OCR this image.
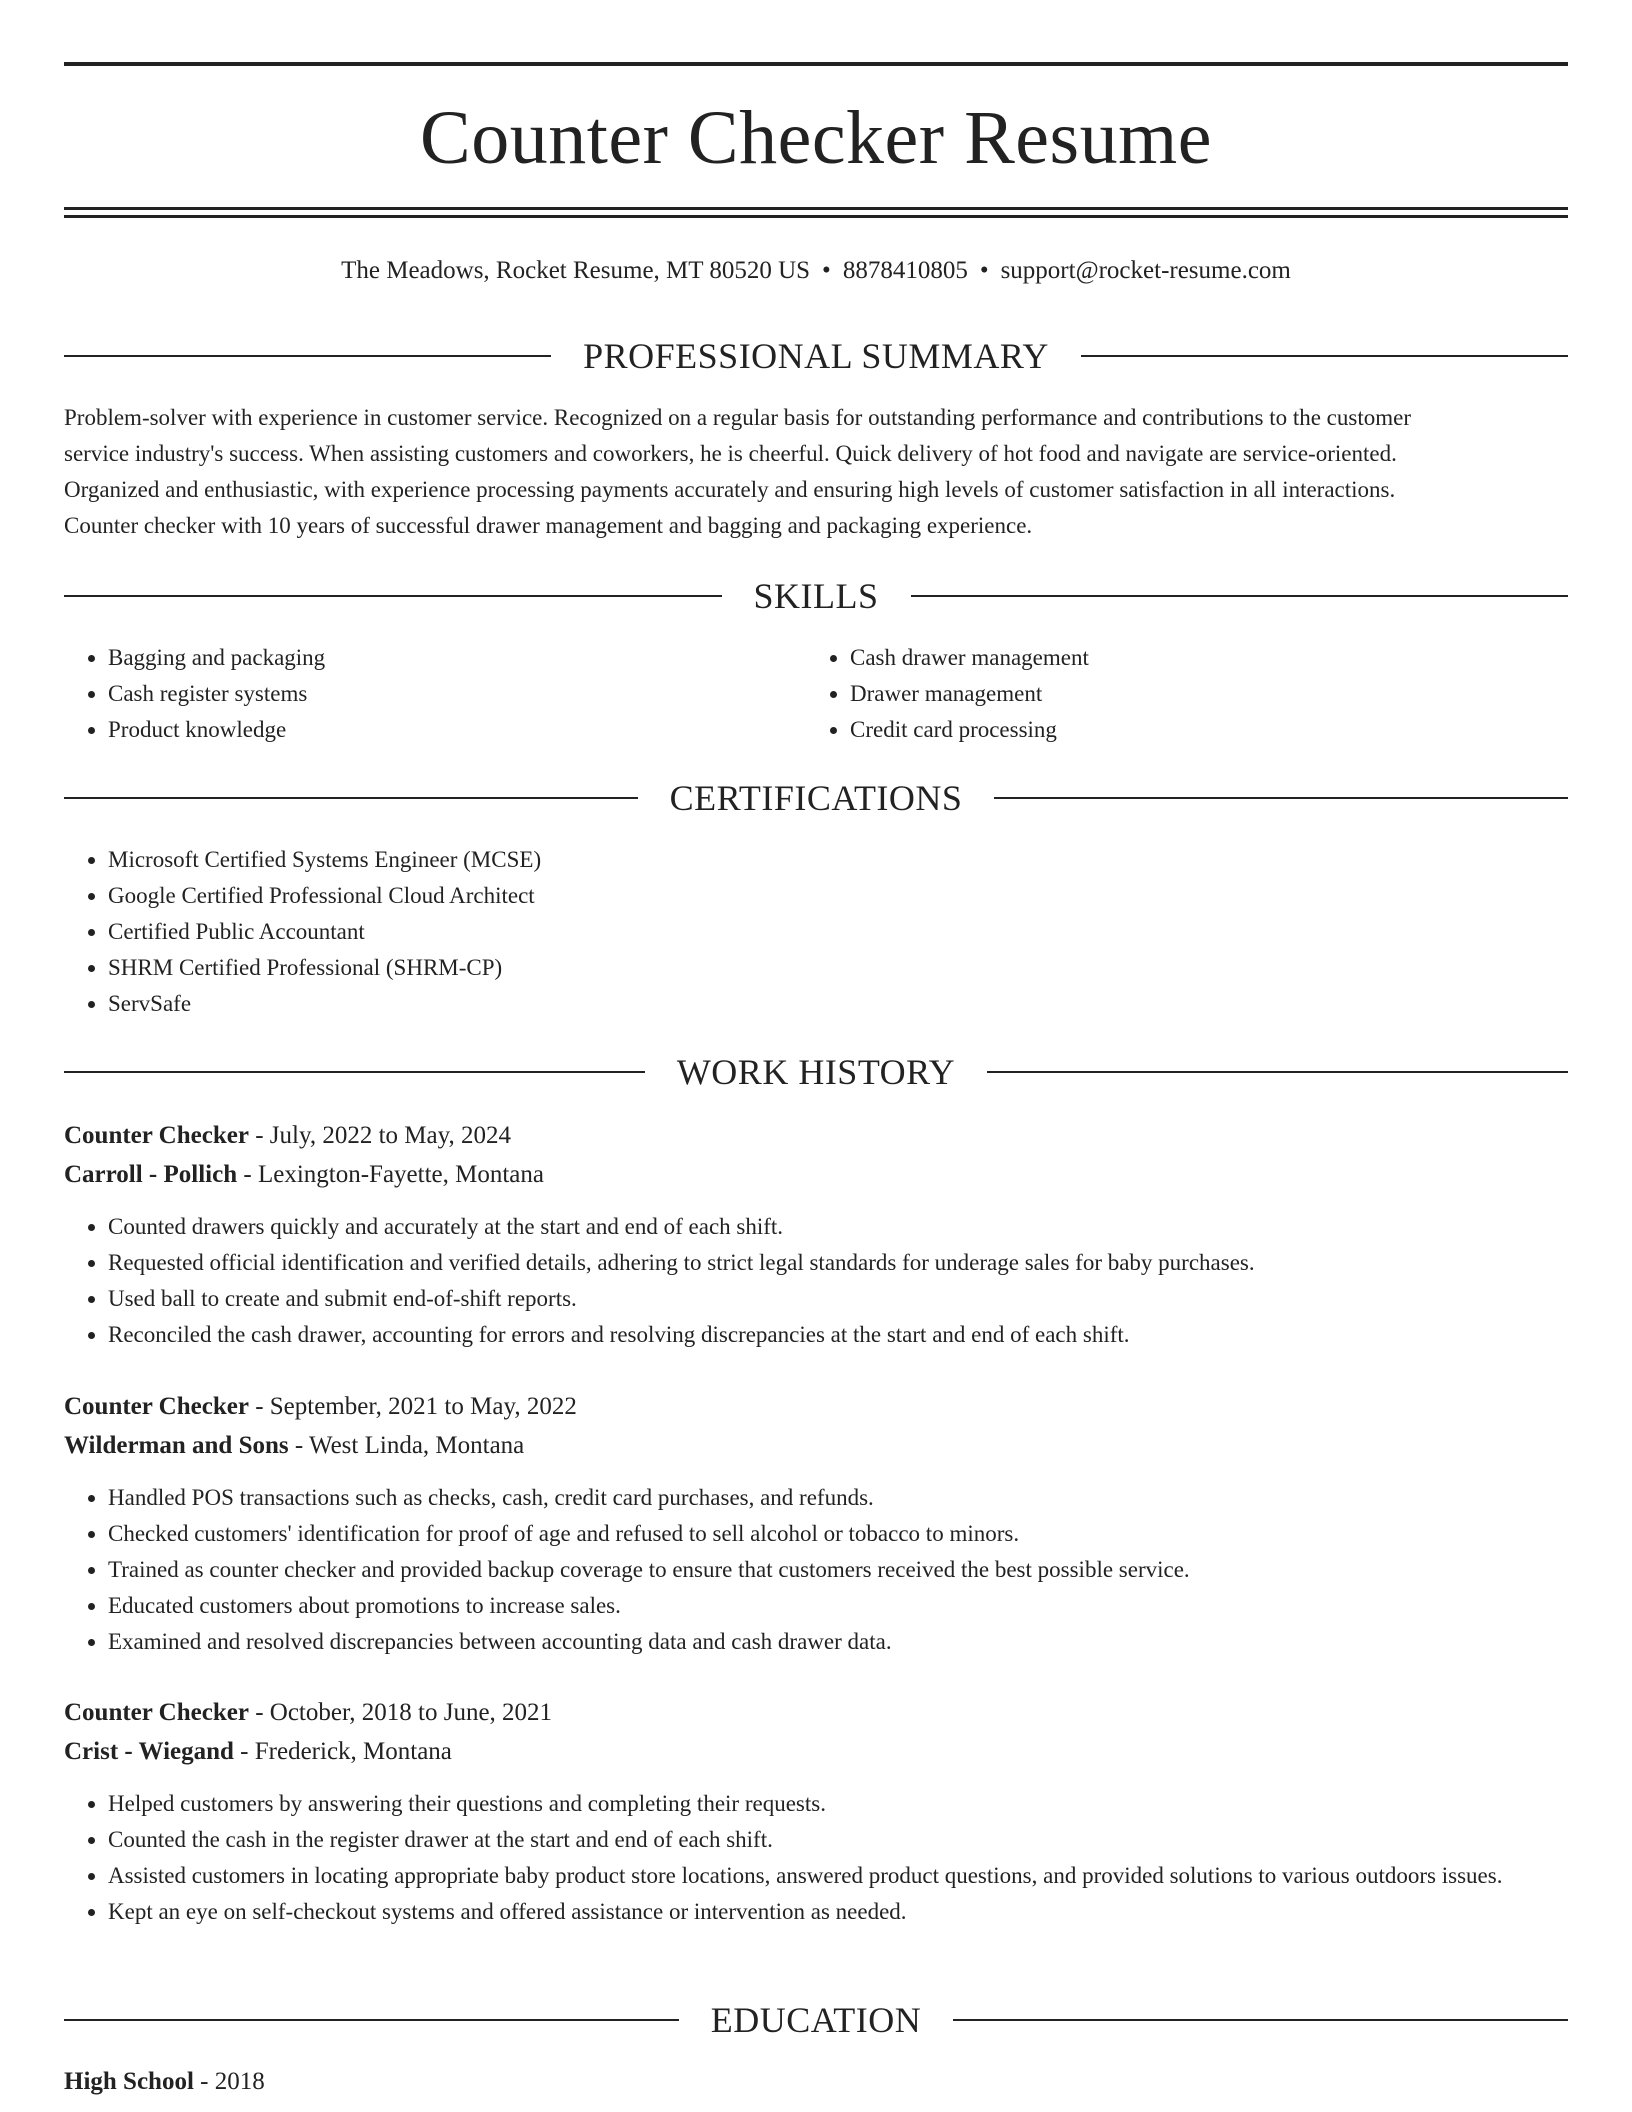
Counter Checker Resume
The Meadows, Rocket Resume, MT 80520 US • 8878410805 • support@rocket-resume.com
PROFESSIONAL SUMMARY
Problem-solver with experience in customer service. Recognized on a regular basis for outstanding performance and contributions to the customer
service industry's success. When assisting customers and coworkers, he is cheerful. Quick delivery of hot food and navigate are service-oriented.
Organized and enthusiastic, with experience processing payments accurately and ensuring high levels of customer satisfaction in all interactions.
Counter checker with 10 years of successful drawer management and bagging and packaging experience.
SKILLS
• Bagging and packaging
• Cash register systems
• Product knowledge
• Cash drawer management
• Drawer management
• Credit card processing
CERTIFICATIONS
• Microsoft Certified Systems Engineer (MCSE)
• Google Certified Professional Cloud Architect
• Certified Public Accountant
• SHRM Certified Professional (SHRM-CP)
• ServSafe
WORK HISTORY
Counter Checker - July, 2022 to May, 2024
Carroll - Pollich - Lexington-Fayette, Montana
• Counted drawers quickly and accurately at the start and end of each shift.
• Requested official identification and verified details, adhering to strict legal standards for underage sales for baby purchases.
• Used ball to create and submit end-of-shift reports.
• Reconciled the cash drawer, accounting for errors and resolving discrepancies at the start and end of each shift.
Counter Checker - September, 2021 to May, 2022
Wilderman and Sons - West Linda, Montana
• Handled POS transactions such as checks, cash, credit card purchases, and refunds.
• Checked customers' identification for proof of age and refused to sell alcohol or tobacco to minors.
• Trained as counter checker and provided backup coverage to ensure that customers received the best possible service.
• Educated customers about promotions to increase sales.
• Examined and resolved discrepancies between accounting data and cash drawer data.
Counter Checker - October, 2018 to June, 2021
Crist - Wiegand - Frederick, Montana
• Helped customers by answering their questions and completing their requests.
• Counted the cash in the register drawer at the start and end of each shift.
• Assisted customers in locating appropriate baby product store locations, answered product questions, and provided solutions to various outdoors issues.
• Kept an eye on self-checkout systems and offered assistance or intervention as needed.
EDUCATION
High School - 2018
